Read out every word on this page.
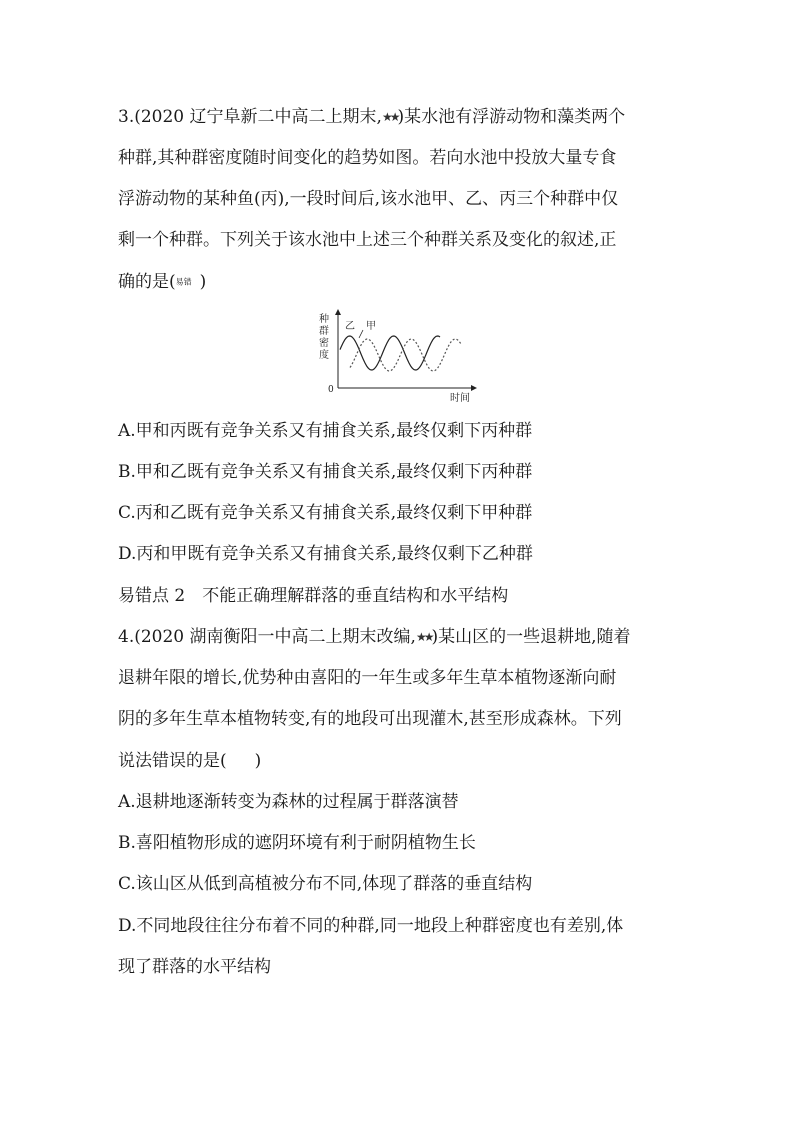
3.(2020 辽宁阜新二中高二上期末,★★)某水池有浮游动物和藻类两个
种群,其种群密度随时间变化的趋势如图。若向水池中投放大量专食
浮游动物的某种鱼(丙),一段时间后,该水池甲、乙、丙三个种群中仅
剩一个种群。下列关于该水池中上述三个种群关系及变化的叙述,正
确的是(易错 )
种
群
密
度
0
时间
乙 甲
A.甲和丙既有竞争关系又有捕食关系,最终仅剩下丙种群
B.甲和乙既有竞争关系又有捕食关系,最终仅剩下丙种群
C.丙和乙既有竞争关系又有捕食关系,最终仅剩下甲种群
D.丙和甲既有竞争关系又有捕食关系,最终仅剩下乙种群
易错点 2　不能正确理解群落的垂直结构和水平结构
4.(2020 湖南衡阳一中高二上期末改编,★★)某山区的一些退耕地,随着
退耕年限的增长,优势种由喜阳的一年生或多年生草本植物逐渐向耐
阴的多年生草本植物转变,有的地段可出现灌木,甚至形成森林。下列
说法错误的是( )
A.退耕地逐渐转变为森林的过程属于群落演替
B.喜阳植物形成的遮阴环境有利于耐阴植物生长
C.该山区从低到高植被分布不同,体现了群落的垂直结构
D.不同地段往往分布着不同的种群,同一地段上种群密度也有差别,体
现了群落的水平结构
